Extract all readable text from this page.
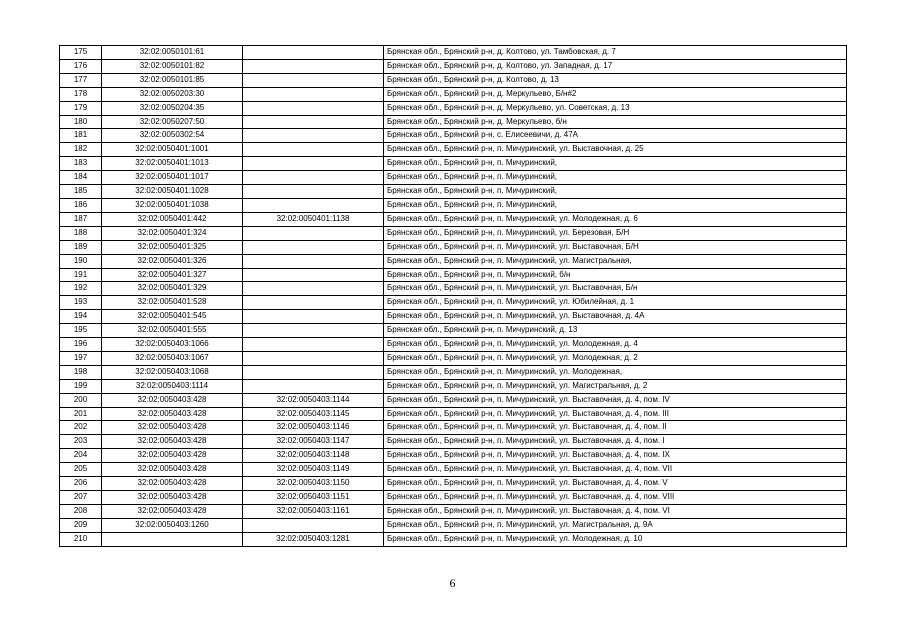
175	32:02:0050101:61		Брянская обл., Брянский р-н, д. Колтово, ул. Тамбовская, д. 7
176	32:02:0050101:82		Брянская обл., Брянский р-н, д. Колтово, ул. Западная, д. 17
177	32:02:0050101:85		Брянская обл., Брянский р-н, д. Колтово, д. 13
178	32:02:0050203:30		Брянская обл., Брянский р-н, д. Меркульево, Б/н#2
179	32:02:0050204:35		Брянская обл., Брянский р-н, д. Меркульево, ул. Советская, д. 13
180	32:02:0050207:50		Брянская обл., Брянский р-н, д. Меркульево, б/н
181	32:02:0050302:54		Брянская обл., Брянский р-н, с. Елисеевичи, д. 47А
182	32:02:0050401:1001		Брянская обл., Брянский р-н, п. Мичуринский, ул. Выставочная, д. 25
183	32:02:0050401:1013		Брянская обл., Брянский р-н, п. Мичуринский,
184	32:02:0050401:1017		Брянская обл., Брянский р-н, п. Мичуринский,
185	32:02:0050401:1028		Брянская обл., Брянский р-н, п. Мичуринский,
186	32:02:0050401:1038		Брянская обл., Брянский р-н, п. Мичуринский,
187	32:02:0050401:442	32:02:0050401:1138	Брянская обл., Брянский р-н, п. Мичуринский, ул. Молодежная, д. 6
188	32:02:0050401:324		Брянская обл., Брянский р-н, п. Мичуринский, ул. Березовая, Б/Н
189	32:02:0050401:325		Брянская обл., Брянский р-н, п. Мичуринский, ул. Выставочная, Б/Н
190	32:02:0050401:326		Брянская обл., Брянский р-н, п. Мичуринский, ул. Магистральная,
191	32:02:0050401:327		Брянская обл., Брянский р-н, п. Мичуринский, б/н
192	32:02:0050401:329		Брянская обл., Брянский р-н, п. Мичуринский, ул. Выставочная, Б/н
193	32:02:0050401:528		Брянская обл., Брянский р-н, п. Мичуринский, ул. Юбилейная, д. 1
194	32:02:0050401:545		Брянская обл., Брянский р-н, п. Мичуринский, ул. Выставочная, д. 4А
195	32:02:0050401:555		Брянская обл., Брянский р-н, п. Мичуринский, д. 13
196	32:02:0050403:1066		Брянская обл., Брянский р-н, п. Мичуринский, ул. Молодежная, д. 4
197	32:02:0050403:1067		Брянская обл., Брянский р-н, п. Мичуринский, ул. Молодежная, д. 2
198	32:02:0050403:1068		Брянская обл., Брянский р-н, п. Мичуринский, ул. Молодежная,
199	32:02:0050403:1114		Брянская обл., Брянский р-н, п. Мичуринский, ул. Магистральная, д. 2
200	32:02:0050403:428	32:02:0050403:1144	Брянская обл., Брянский р-н, п. Мичуринский, ул. Выставочная, д. 4, пом. IV
201	32:02:0050403:428	32:02:0050403:1145	Брянская обл., Брянский р-н, п. Мичуринский, ул. Выставочная, д. 4, пом. III
202	32:02:0050403:428	32:02:0050403:1146	Брянская обл., Брянский р-н, п. Мичуринский, ул. Выставочная, д. 4, пом. II
203	32:02:0050403:428	32:02:0050403:1147	Брянская обл., Брянский р-н, п. Мичуринский, ул. Выставочная, д. 4, пом. I
204	32:02:0050403:428	32:02:0050403:1148	Брянская обл., Брянский р-н, п. Мичуринский, ул. Выставочная, д. 4, пом. IX
205	32:02:0050403:428	32:02:0050403:1149	Брянская обл., Брянский р-н, п. Мичуринский, ул. Выставочная, д. 4, пом. VII
206	32:02:0050403:428	32:02:0050403:1150	Брянская обл., Брянский р-н, п. Мичуринский, ул. Выставочная, д. 4, пом. V
207	32:02:0050403:428	32:02:0050403:1151	Брянская обл., Брянский р-н, п. Мичуринский, ул. Выставочная, д. 4, пом. VIII
208	32:02:0050403:428	32:02:0050403:1161	Брянская обл., Брянский р-н, п. Мичуринский, ул. Выставочная, д. 4, пом. VI
209	32:02:0050403:1260		Брянская обл., Брянский р-н, п. Мичуринский, ул. Магистральная, д. 9А
210		32:02:0050403:1281	Брянская обл., Брянский р-н, п. Мичуринский, ул. Молодежная, д. 10
6
